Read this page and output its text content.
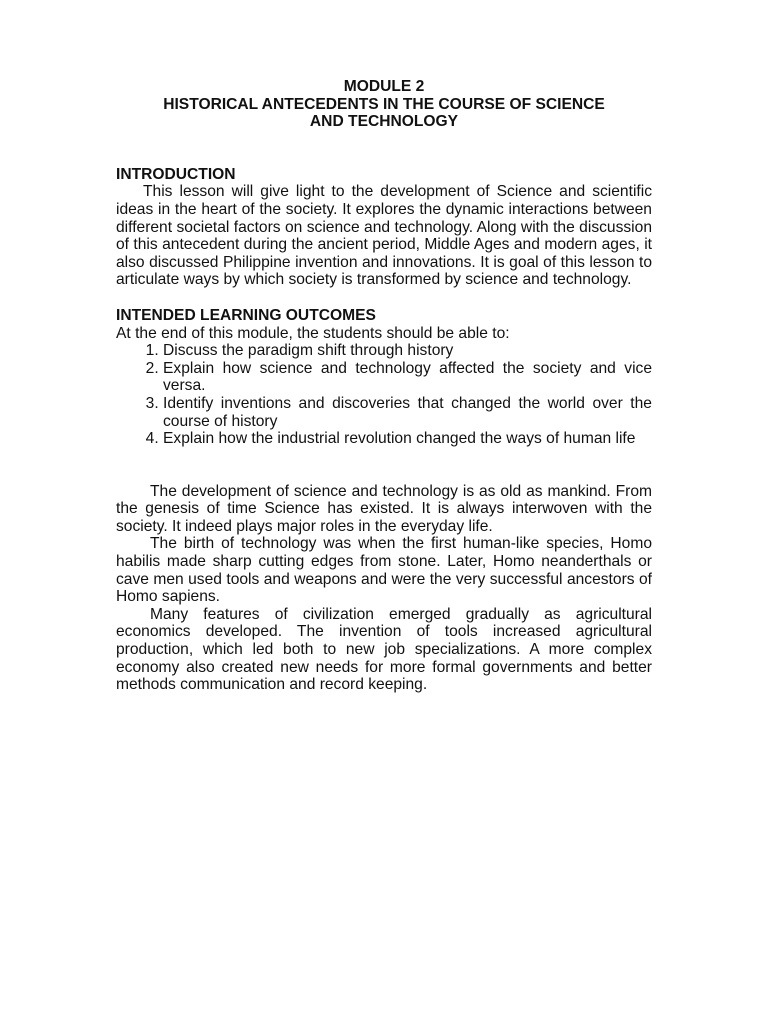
MODULE 2

HISTORICAL ANTECEDENTS IN THE COURSE OF SCIENCE

AND TECHNOLOGY

INTRODUCTION

This lesson will give light to the development of Science and scientific ideas in the heart of the society. It explores the dynamic interactions between different societal factors on science and technology. Along with the discussion of this antecedent during the ancient period, Middle Ages and modern ages, it also discussed Philippine invention and innovations. It is goal of this lesson to articulate ways by which society is transformed by science and technology.

INTENDED LEARNING OUTCOMES

At the end of this module, the students should be able to:

1. Discuss the paradigm shift through history
2. Explain how science and technology affected the society and vice versa.
3. Identify inventions and discoveries that changed the world over the course of history
4. Explain how the industrial revolution changed the ways of human life

The development of science and technology is as old as mankind. From the genesis of time Science has existed. It is always interwoven with the society. It indeed plays major roles in the everyday life.

The birth of technology was when the first human-like species, Homo habilis made sharp cutting edges from stone. Later, Homo neanderthals or cave men used tools and weapons and were the very successful ancestors of Homo sapiens.

Many features of civilization emerged gradually as agricultural economics developed. The invention of tools increased agricultural production, which led both to new job specializations. A more complex economy also created new needs for more formal governments and better methods communication and record keeping.
